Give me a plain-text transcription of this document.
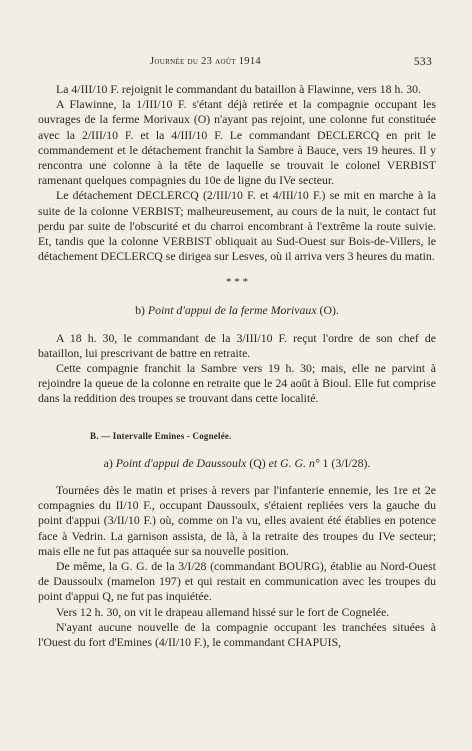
Journée du 23 août 1914	533

La 4/III/10 F. rejoignit le commandant du bataillon à Flawinne, vers 18 h. 30.

A Flawinne, la 1/III/10 F. s'étant déjà retirée et la compagnie occupant les ouvrages de la ferme Morivaux (O) n'ayant pas rejoint, une colonne fut constituée avec la 2/III/10 F. et la 4/III/10 F. Le commandant DECLERCQ en prit le commandement et le détachement franchit la Sambre à Bauce, vers 19 heures. Il y rencontra une colonne à la tête de laquelle se trouvait le colonel VERBIST ramenant quelques compagnies du 10e de ligne du IVe secteur.

Le détachement DECLERCQ (2/III/10 F. et 4/III/10 F.) se mit en marche à la suite de la colonne VERBIST; malheureusement, au cours de la nuit, le contact fut perdu par suite de l'obscurité et du charroi encombrant à l'extrême la route suivie. Et, tandis que la colonne VERBIST obliquait au Sud-Ouest sur Bois-de-Villers, le détachement DECLERCQ se dirigea sur Lesves, où il arriva vers 3 heures du matin.

* * *
b) Point d'appui de la ferme Morivaux (O).

A 18 h. 30, le commandant de la 3/III/10 F. reçut l'ordre de son chef de bataillon, lui prescrivant de battre en retraite.

Cette compagnie franchit la Sambre vers 19 h. 30; mais, elle ne parvint à rejoindre la queue de la colonne en retraite que le 24 août à Bioul. Elle fut comprise dans la reddition des troupes se trouvant dans cette localité.

B. — Intervalle Emines - Cognelée.
a) Point d'appui de Daussoulx (Q) et G. G. n° 1 (3/I/28).

Tournées dès le matin et prises à revers par l'infanterie ennemie, les 1re et 2e compagnies du II/10 F., occupant Daussoulx, s'étaient repliées vers la gauche du point d'appui (3/II/10 F.) où, comme on l'a vu, elles avaient été établies en potence face à Vedrin. La garnison assista, de là, à la retraite des troupes du IVe secteur; mais elle ne fut pas attaquée sur sa nouvelle position.

De même, la G. G. de la 3/I/28 (commandant BOURG), établie au Nord-Ouest de Daussoulx (mamelon 197) et qui restait en communication avec les troupes du point d'appui Q, ne fut pas inquiétée.

Vers 12 h. 30, on vit le drapeau allemand hissé sur le fort de Cognelée.

N'ayant aucune nouvelle de la compagnie occupant les tranchées situées à l'Ouest du fort d'Emines (4/II/10 F.), le commandant CHAPUIS,
